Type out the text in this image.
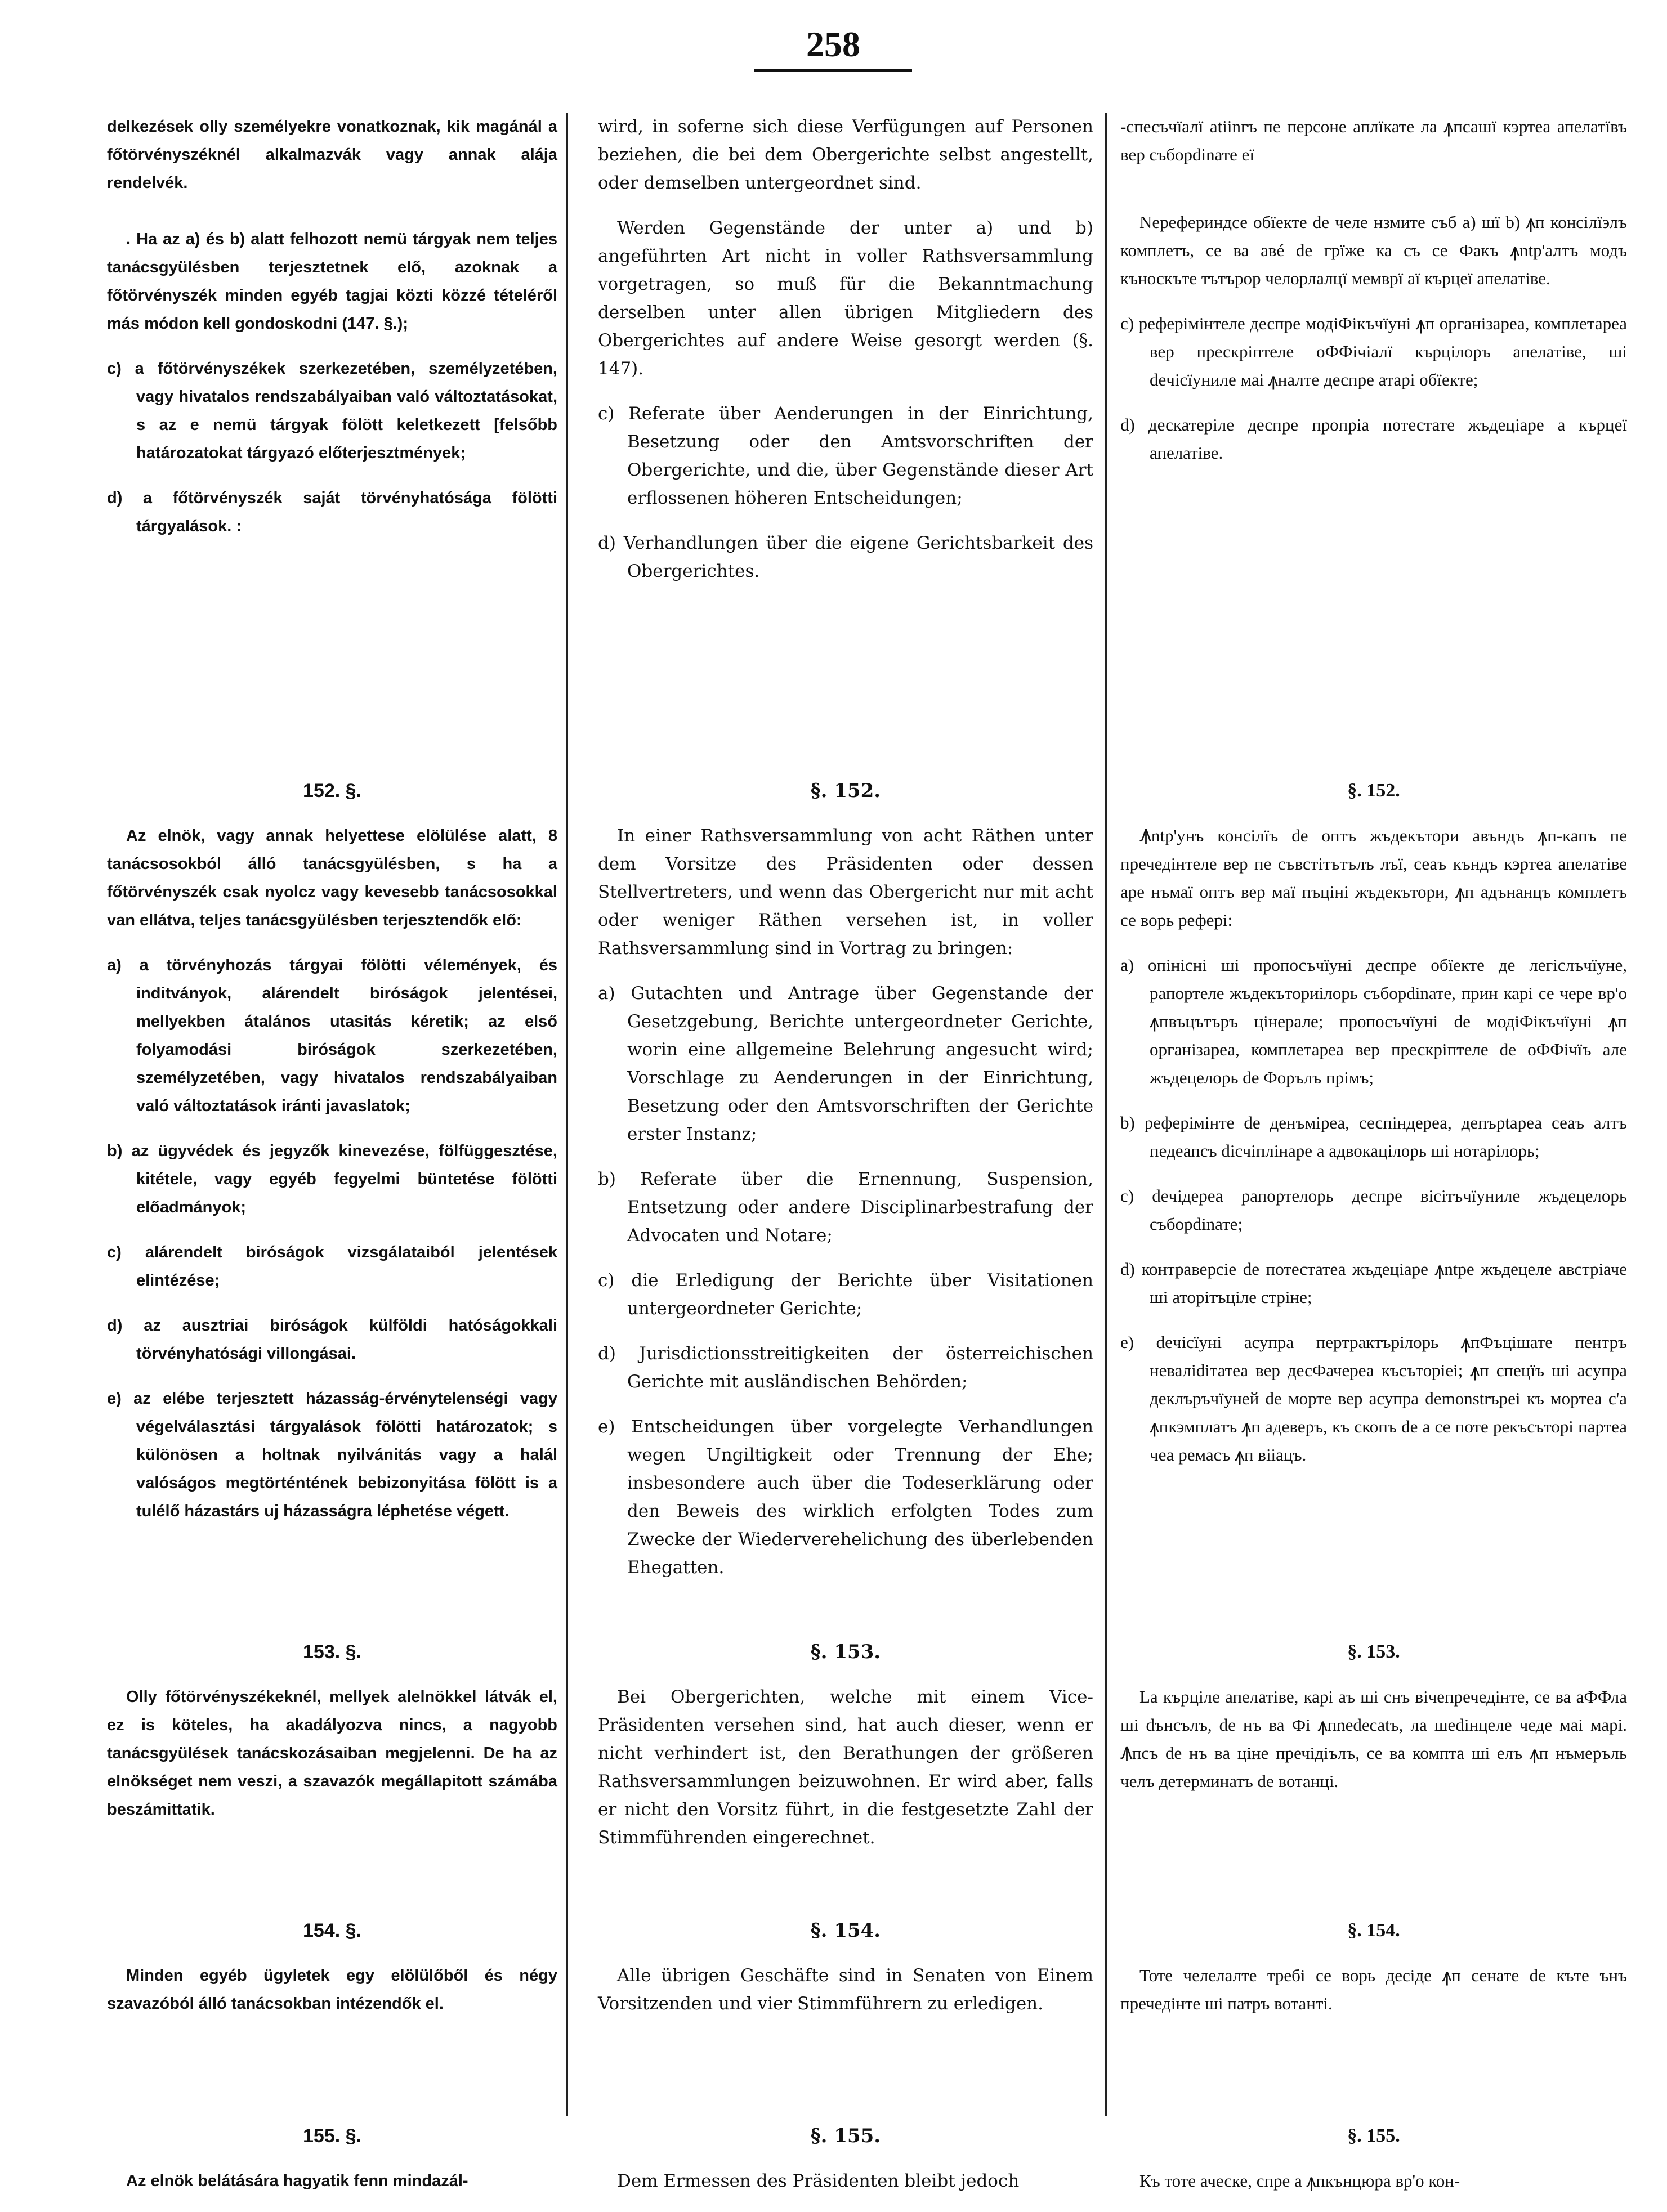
258

delkezések olly személyekre vonatkoznak, kik magánál a főtörvényszéknél alkalmazvák vagy annak alája rendelvék.

. Ha az a) és b) alatt felhozott nemü tárgyak nem teljes tanácsgyülésben terjesztetnek elő, azoknak a főtörvényszék minden egyéb tagjai közti közzé tételéről más módon kell gondoskodni (147. §.);

c) a főtörvényszékek szerkezetében, személyzetében, vagy hivatalos rendszabályaiban való változtatásokat, s az e nemü tárgyak fölött keletkezett [felsőbb határozatokat tárgyazó előterjesztmények;

d) a főtörvényszék saját törvényhatósága fölötti tárgyalások. :

152. §.

Az elnök, vagy annak helyettese elölülése alatt, 8 tanácsosokból álló tanácsgyülésben, s ha a főtörvényszék csak nyolcz vagy kevesebb tanácsosokkal van ellátva, teljes tanácsgyülésben terjesztendők elő:

a) a törvényhozás tárgyai fölötti vélemények, és inditványok, alárendelt biróságok jelentései, mellyekben átalános utasitás kéretik; az első folyamodási biróságok szerkezetében, személyzetében, vagy hivatalos rendszabályaiban való változtatások iránti javaslatok;

b) az ügyvédek és jegyzők kinevezése, fölfüggesztése, kitétele, vagy egyéb fegyelmi büntetése fölötti előadmányok;

c) alárendelt biróságok vizsgálataiból jelentések elintézése;

d) az ausztriai biróságok külföldi hatóságokkali törvényhatósági villongásai.

e) az elébe terjesztett házasság-érvénytelenségi vagy végelválasztási tárgyalások fölötti határozatok; s különösen a holtnak nyilvánitás vagy a halál valóságos megtörténtének bebizonyitása fölött is a tulélő házastárs uj házasságra léphetése végett.

153. §.

Olly főtörvényszékeknél, mellyek alelnökkel látvák el, ez is köteles, ha akadályozva nincs, a nagyobb tanácsgyülések tanácskozásaiban megjelenni. De ha az elnökséget nem veszi, a szavazók megállapitott számába beszámittatik.

154. §.

Minden egyéb ügyletek egy elölülőből és négy szavazóból álló tanácsokban intézendők el.

155. §.

Az elnök belátására hagyatik fenn mindazál-

wird, in soferne sich diese Verfügungen auf Personen beziehen, die bei dem Obergerichte selbst angestellt, oder demselben untergeordnet sind.

Werden Gegenstände der unter a) und b) angeführten Art nicht in voller Rathsversammlung vorgetragen, so muß für die Bekanntmachung derselben unter allen übrigen Mitgliedern des Obergerichtes auf andere Weise gesorgt werden (§. 147).

c) Referate über Aenderungen in der Einrichtung, Besetzung oder den Amtsvorschriften der Obergerichte, und die, über Gegenstände dieser Art erflossenen höheren Entscheidungen;

d) Verhandlungen über die eigene Gerichtsbarkeit des Obergerichtes.

§. 152.

In einer Rathsversammlung von acht Räthen unter dem Vorsitze des Präsidenten oder dessen Stellvertreters, und wenn das Obergericht nur mit acht oder weniger Räthen versehen ist, in voller Rathsversammlung sind in Vortrag zu bringen:

a) Gutachten und Antrage über Gegenstande der Gesetzgebung, Berichte untergeordneter Gerichte, worin eine allgemeine Belehrung angesucht wird; Vorschlage zu Aenderungen in der Einrichtung, Besetzung oder den Amtsvorschriften der Gerichte erster Instanz;

b) Referate über die Ernennung, Suspension, Entsetzung oder andere Disciplinarbestrafung der Advocaten und Notare;

c) die Erledigung der Berichte über Visitationen untergeordneter Gerichte;

d) Jurisdictionsstreitigkeiten der österreichischen Gerichte mit ausländischen Behörden;

e) Entscheidungen über vorgelegte Verhandlungen wegen Ungiltigkeit oder Trennung der Ehe; insbesondere auch über die Todeserklärung oder den Beweis des wirklich erfolgten Todes zum Zwecke der Wiederverehelichung des überlebenden Ehegatten.

§. 153.

Bei Obergerichten, welche mit einem Vice-Präsidenten versehen sind, hat auch dieser, wenn er nicht verhindert ist, den Berathungen der größeren Rathsversammlungen beizuwohnen. Er wird aber, falls er nicht den Vorsitz führt, in die festgesetzte Zahl der Stimmführenden eingerechnet.

§. 154.

Alle übrigen Geschäfte sind in Senaten von Einem Vorsitzenden und vier Stimmführern zu erledigen.

§. 155.

Dem Ermessen des Präsidenten bleibt jedoch

-спесъчїалї atiinгъ пе персоне аплїкате ла ꙟпсашї кэртеа апелатївъ вер съборdinате eї

Nерефериндсе обїекте de челе нзмите съб а) шї b) ꙟп конcілїэлъ комплетъ, се ва авé de грїже ка съ се Факъ ꙟntр'алтъ модъ къноскътe тътърор челорлалцї мемврї аї кърцеї апелатіве.

c) реферiмiнтеле деспре модiФiкъчïунi ꙟп органiзареа, комплетареа вер прескрiптеле оФФiчiалï кърцiлоръ апелатiве, шi deчiсïуниле маi ꙟналте деспре атарi обïекте;

d) дескатерiле деспре пропрiа потестате жъдецiаре а кърцеї апелатiве.

§. 152.

Ꙟntр'унъ конcілїъ de оптъ жъдекътори авъндъ ꙟп-капъ пе пречедiнтеле вер пе съвстiтътълъ лъї, сеаъ къндъ кэртеа апелатiве аре нъмаї оптъ вер маї пъцiнi жъдекътори, ꙟп адънанцъ комплетъ се ворь реферi:

a) опiнiсні шi пропосъчïуні деспре обïекте де легiслъчïуне, рапортеле жъдекъториiлорь съборdinате, прин карi се чере вр'о ꙟпвъцътъръ цiнерале; пропосъчïуні de модiФiкъчïунi ꙟп органiзареа, комплетареа вер прескрiптеле de оФФiчïъ але жъдецелорь de Форълъ прiмъ;

b) реферiмiнте de денъмiреа, сеспiндереа, депърtареа сеаъ алтъ педеапсъ diсчiплiнаре а адвокацiлорь шi нотарiлорь;

c) deчiдереа рапортелорь деспре вiсiтъчïуниле жъдецелорь съборdinате;

d) контраверсiе de потестатеа жъдецiаре ꙟntре жъдецеле австрiаче шi аторiтъцiле стрiне;

e) deчiсïунi асупра пертрактърiлорь ꙟпФъцiшате пентръ неваліdiтатеа вер десФачереа късъторiеi; ꙟп спецïъ шi асупра деклъръчïуней de морте вер асупра demonstrъреi къ мортеа с'а ꙟпкэмплатъ ꙟп адеверъ, къ скопъ de а се поте рекъсъторi партеа чеа ремасъ ꙟп вiiацъ.

§. 153.

La кърцiле апелатiве, карi аъ шi снъ вiчепречедiнте, се ва аФФла шi dънсълъ, de нъ ва Фi ꙟпnedecatъ, ла шеdiнцеле чеде маi марi. Ꙟпсъ de нъ ва цiне пречiдiълъ, се ва компта шi елъ ꙟп нъмеръль челъ детерминатъ de вотанцi.

§. 154.

Тоте челелалте требi се ворь деciде ꙟп сенате de къте ънъ пречедiнте шi патръ вотантi.

§. 155.

Къ тоте аческе, спре а ꙟпкънцюра вр'о кон-
